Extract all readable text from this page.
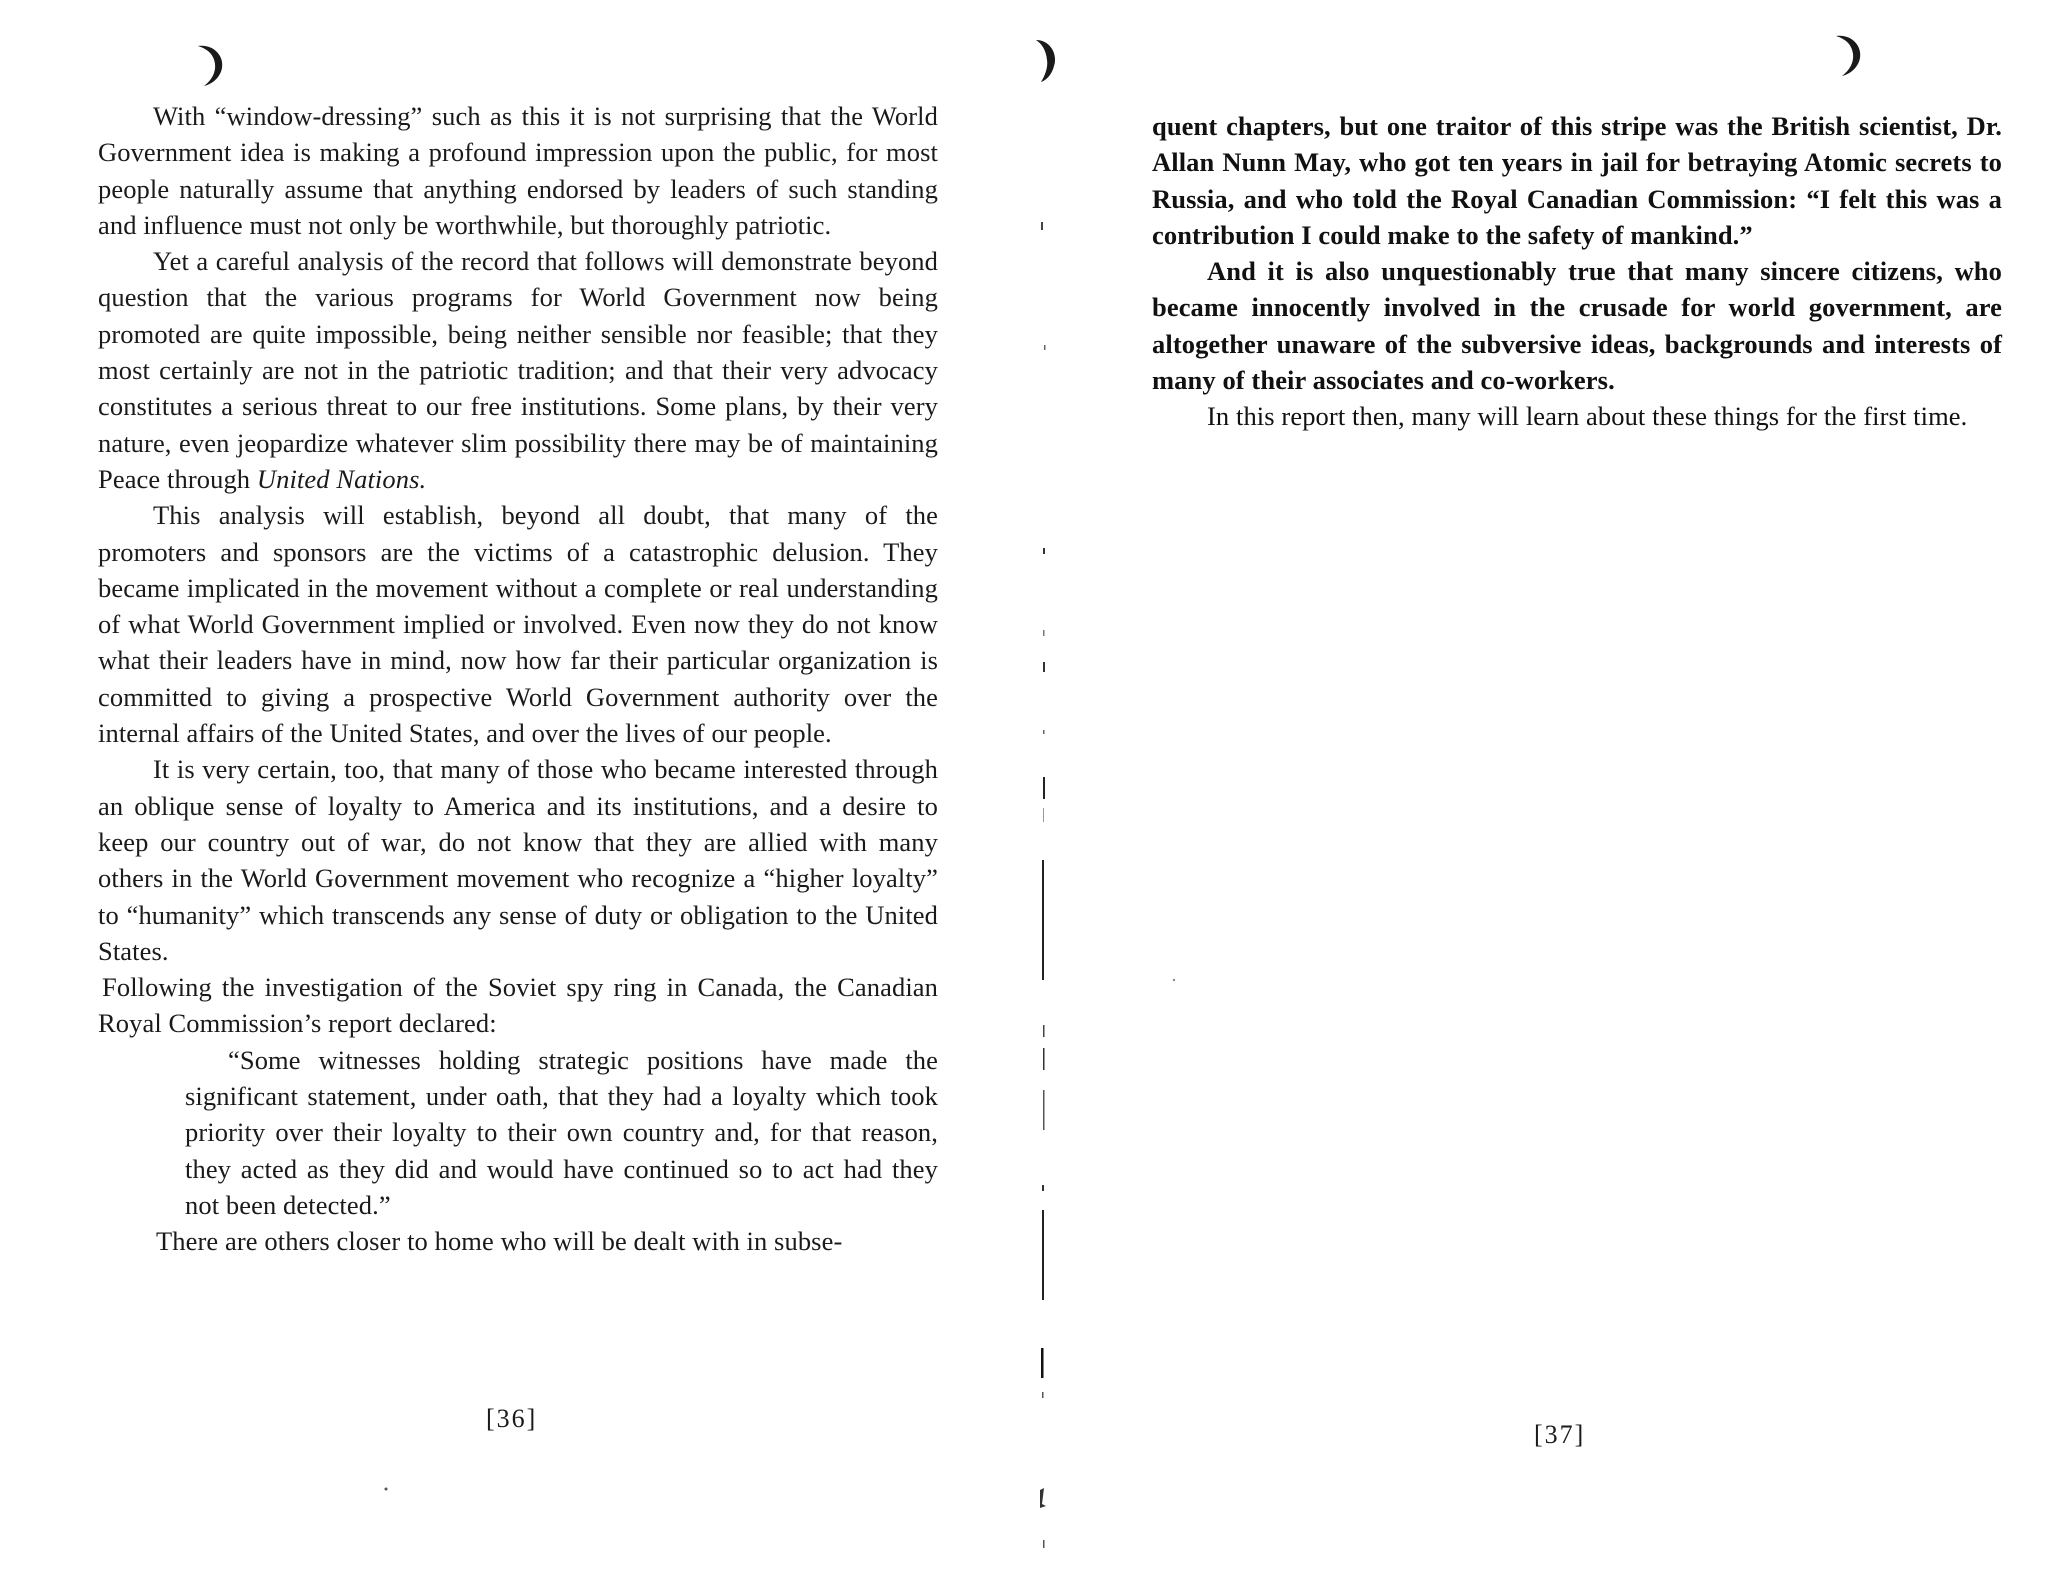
With “window-dressing” such as this it is not surprising that the World Government idea is making a profound impression upon the public, for most people naturally assume that anything endorsed by leaders of such standing and influence must not only be worthwhile, but thoroughly patriotic.

Yet a careful analysis of the record that follows will demonstrate beyond question that the various programs for World Government now being promoted are quite impossible, being neither sensible nor feasible; that they most certainly are not in the patriotic tradition; and that their very advocacy constitutes a serious threat to our free institutions. Some plans, by their very nature, even jeopardize whatever slim possibility there may be of maintaining Peace through United Nations.

This analysis will establish, beyond all doubt, that many of the promoters and sponsors are the victims of a catastrophic delusion. They became implicated in the movement without a complete or real understanding of what World Government implied or involved. Even now they do not know what their leaders have in mind, now how far their particular organization is committed to giving a prospective World Government authority over the internal affairs of the United States, and over the lives of our people.

It is very certain, too, that many of those who became interested through an oblique sense of loyalty to America and its institutions, and a desire to keep our country out of war, do not know that they are allied with many others in the World Government movement who recognize a “higher loyalty” to “humanity” which transcends any sense of duty or obligation to the United States.

Following the investigation of the Soviet spy ring in Canada, the Canadian Royal Commission’s report declared:

“Some witnesses holding strategic positions have made the significant statement, under oath, that they had a loyalty which took priority over their loyalty to their own country and, for that reason, they acted as they did and would have continued so to act had they not been detected.”

There are others closer to home who will be dealt with in subse-

[36]

quent chapters, but one traitor of this stripe was the British scientist, Dr. Allan Nunn May, who got ten years in jail for betraying Atomic secrets to Russia, and who told the Royal Canadian Commission: “I felt this was a contribution I could make to the safety of mankind.”

And it is also unquestionably true that many sincere citizens, who became innocently involved in the crusade for world government, are altogether unaware of the subversive ideas, backgrounds and interests of many of their associates and co-workers.

In this report then, many will learn about these things for the first time.

[37]
